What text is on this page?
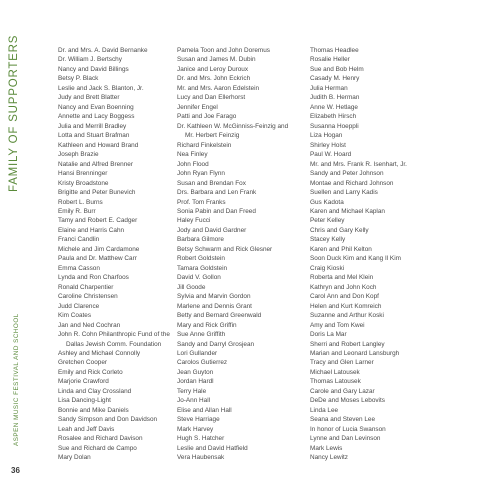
FAMILY OF SUPPORTERS
ASPEN MUSIC FESTIVAL AND SCHOOL
36
Dr. and Mrs. A. David Bernanke
Dr. William J. Bertschy
Nancy and David Billings
Betsy P. Black
Leslie and Jack S. Blanton, Jr.
Judy and Brett Blatter
Nancy and Evan Boenning
Annette and Lacy Boggess
Julia and Merrill Bradley
Lotta and Stuart Brafman
Kathleen and Howard Brand
Joseph Brazie
Natalie and Alfred Brenner
Hansi Brenninger
Kristy Broadstone
Brigitte and Peter Bunevich
Robert L. Burns
Emily R. Burr
Tamy and Robert E. Cadger
Elaine and Harris Cahn
Franci Candlin
Michele and Jim Cardamone
Paula and Dr. Matthew Carr
Emma Casson
Lynda and Ron Charfoos
Ronald Charpentier
Caroline Christensen
Judd Clarence
Kim Coates
Jan and Ned Cochran
John R. Cohn Philanthropic Fund of the
Dallas Jewish Comm. Foundation
Ashley and Michael Connolly
Gretchen Cooper
Emily and Rick Corleto
Marjorie Crawford
Linda and Clay Crossland
Lisa Dancing-Light
Bonnie and Mike Daniels
Sandy Simpson and Don Davidson
Leah and Jeff Davis
Rosalee and Richard Davison
Sue and Richard de Campo
Mary Dolan
Pamela Toon and John Doremus
Susan and James M. Dubin
Janice and Leroy Duroux
Dr. and Mrs. John Eckrich
Mr. and Mrs. Aaron Edelstein
Lucy and Dan Ellerhorst
Jennifer Engel
Patti and Joe Farago
Dr. Kathleen W. McGinniss-Feinzig and
Mr. Herbert Feinzig
Richard Finkelstein
Nea Finley
John Flood
John Ryan Flynn
Susan and Brendan Fox
Drs. Barbara and Len Frank
Prof. Tom Franks
Sonia Pabin and Dan Freed
Haley Fucci
Jody and David Gardner
Barbara Gilmore
Betsy Schwarm and Rick Glesner
Robert Goldstein
Tamara Goldstein
David V. Gollon
Jill Goode
Sylvia and Marvin Gordon
Marlene and Dennis Grant
Betty and Bernard Greenwald
Mary and Rick Griffin
Sue Anne Griffith
Sandy and Darryl Grosjean
Lori Gullander
Carolos Gutierrez
Jean Guyton
Jordan Hardl
Terry Hale
Jo-Ann Hall
Elise and Allan Hall
Steve Harriage
Mark Harvey
Hugh S. Hatcher
Leslie and David Hatfield
Vera Haubensak
Thomas Headlee
Rosalie Heller
Sue and Bob Helm
Casady M. Henry
Julia Herman
Judith B. Herman
Anne W. Hetlage
Elizabeth Hirsch
Susanna Hoeppli
Liza Hogan
Shirley Holst
Paul W. Hoard
Mr. and Mrs. Frank R. Isenhart, Jr.
Sandy and Peter Johnson
Montae and Richard Johnson
Suellen and Larry Kadis
Gus Kadota
Karen and Michael Kaplan
Peter Kelley
Chris and Gary Kelly
Stacey Kelly
Karen and Phil Kelton
Soon Duck Kim and Kang Il Kim
Craig Kioski
Roberta and Mel Klein
Kathryn and John Koch
Carol Ann and Don Kopf
Helen and Kurt Komreich
Suzanne and Arthur Koski
Amy and Tom Kwei
Doris La Mar
Sherri and Robert Langley
Marian and Leonard Lansburgh
Tracy and Glen Larner
Michael Latousek
Thomas Latousek
Carole and Gary Lazar
DeDe and Moses Lebovits
Linda Lee
Seana and Steven Lee
In honor of Lucia Swanson
Lynne and Dan Levinson
Mark Lewis
Nancy Lewitz
